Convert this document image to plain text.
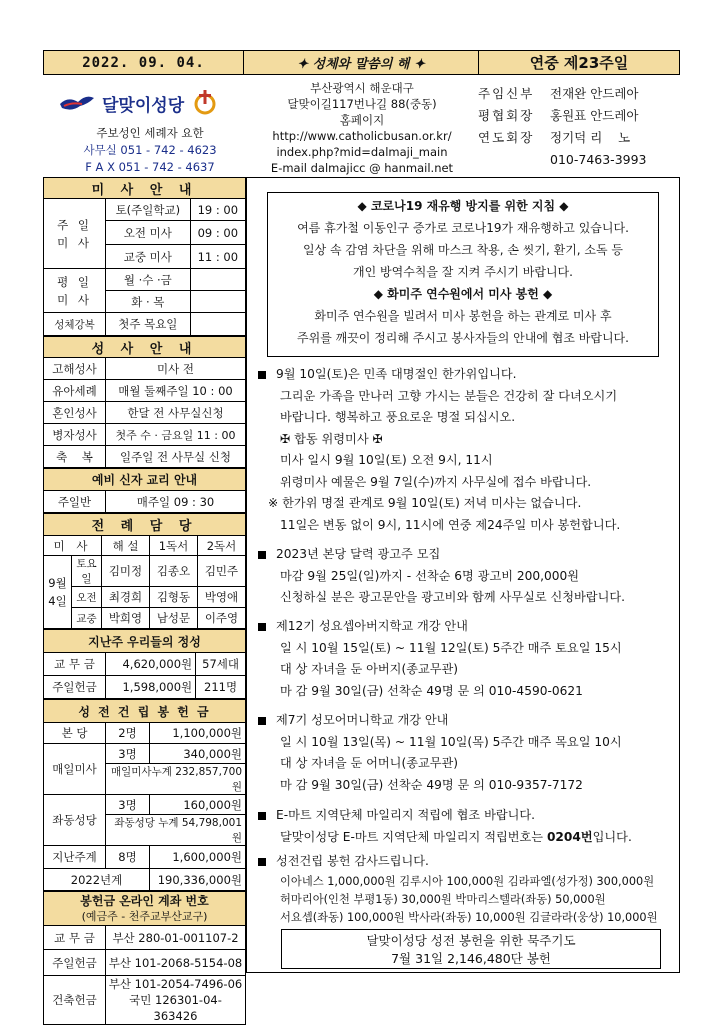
2022. 09. 04.	✦ 성체와 말씀의 해 ✦	연중 제23주일
달맞이성당
주보성인 세례자 요한
사무실 051 - 742 - 4623
F A X 051 - 742 - 4637
부산광역시 해운대구
달맞이길117번나길 88(중동)
홈페이지
http://www.catholicbusan.or.kr/
index.php?mid=dalmaji_main
E-mail dalmajicc @ hanmail.net
주임신부	전재완 안드레아
평협회장	홍원표 안드레아
연도회장	정기덕 리    노
010-7463-3993
미 사 안 내		
주 일
미 사	토(주일학교)	19 : 00
	오전 미사	09 : 00
	교중 미사	11 : 00
평 일
미 사	월 ·수 ·금	
	화 · 목	
성체강복	첫주 목요일	
성 사 안 내	
고해성사	미사 전
유아세례	매월 둘째주일 10 : 00
혼인성사	한달 전 사무실신청
병자성사	첫주 수 · 금요일 11 : 00
축    복	일주일 전 사무실 신청
예비 신자 교리 안내
주일반	매주일 09 : 30
전 례 담 당				
미 사		해 설	1독서	2독서
9월
4일	토요일	김미정	김종오	김민주
	오전	최경희	김형동	박영애
	교중	박희영	남성문	이주영
지난주 우리들의 정성		
교 무 금	4,620,000원	57세대
주일헌금	1,598,000원	211명
성 전 건 립 봉 헌 금		
본 당	2명	1,100,000원
매일미사	3명	340,000원
	매일미사누계 232,857,700원	
좌동성당	3명	160,000원
	좌동성당 누계 54,798,001원	
지난주계	8명	1,600,000원
2022년계		190,336,000원
봉헌금 온라인 계좌 번호
(예금주 - 천주교부산교구)	

교 무 금	부산 280-01-001107-2
주일헌금	부산 101-2068-5154-08
건축헌금	부산 101-2054-7496-06
국민 126301-04-363426
◆ 코로나19 재유행 방지를 위한 지침 ◆
여름 휴가철 이동인구 증가로 코로나19가 재유행하고 있습니다.
일상 속 감염 차단을 위해 마스크 착용, 손 씻기, 환기, 소독 등
개인 방역수칙을 잘 지켜 주시기 바랍니다.
◆ 화미주 연수원에서 미사 봉헌 ◆
화미주 연수원을 빌려서 미사 봉헌을 하는 관계로 미사 후
주위를 깨끗이 정리해 주시고 봉사자들의 안내에 협조 바랍니다.
9월 10일(토)은 민족 대명절인 한가위입니다.
그리운 가족을 만나러 고향 가시는 분들은 건강히 잘 다녀오시기
바랍니다. 행복하고 풍요로운 명절 되십시오.
✠ 합동 위령미사 ✠
미사 일시 9월 10일(토) 오전 9시, 11시
위령미사 예물은 9월 7일(수)까지 사무실에 접수 바랍니다.
※ 한가위 명절 관계로 9월 10일(토) 저녁 미사는 없습니다.
11일은 변동 없이 9시, 11시에 연중 제24주일 미사 봉헌합니다.
2023년 본당 달력 광고주 모집
마감 9월 25일(일)까지 - 선착순 6명 광고비 200,000원
신청하실 분은 광고문안을 광고비와 함께 사무실로 신청바랍니다.
제12기 성요셉아버지학교 개강 안내
일 시 10월 15일(토) ~ 11월 12일(토) 5주간 매주 토요일 15시
대 상 자녀을 둔 아버지(종교무관)
마 감 9월 30일(금) 선착순 49명 문 의 010-4590-0621
제7기 성모어머니학교 개강 안내
일 시 10월 13일(목) ~ 11월 10일(목) 5주간 매주 목요일 10시
대 상 자녀을 둔 어머니(종교무관)
마 감 9월 30일(금) 선착순 49명 문 의 010-9357-7172
E-마트 지역단체 마일리지 적립에 협조 바랍니다.
달맞이성당 E-마트 지역단체 마일리지 적립번호는 0204번입니다.
성전건립 봉헌 감사드립니다.
이아네스 1,000,000원 김루시아 100,000원 김라파엘(성가정) 300,000원
허마리아(인천 부평1동) 30,000원 박마리스텔라(좌동) 50,000원
서요셉(좌동) 100,000원 박사라(좌동) 10,000원 김글라라(웅상) 10,000원
달맞이성당 성전 봉헌을 위한 묵주기도
7월 31일 2,146,480단 봉헌
